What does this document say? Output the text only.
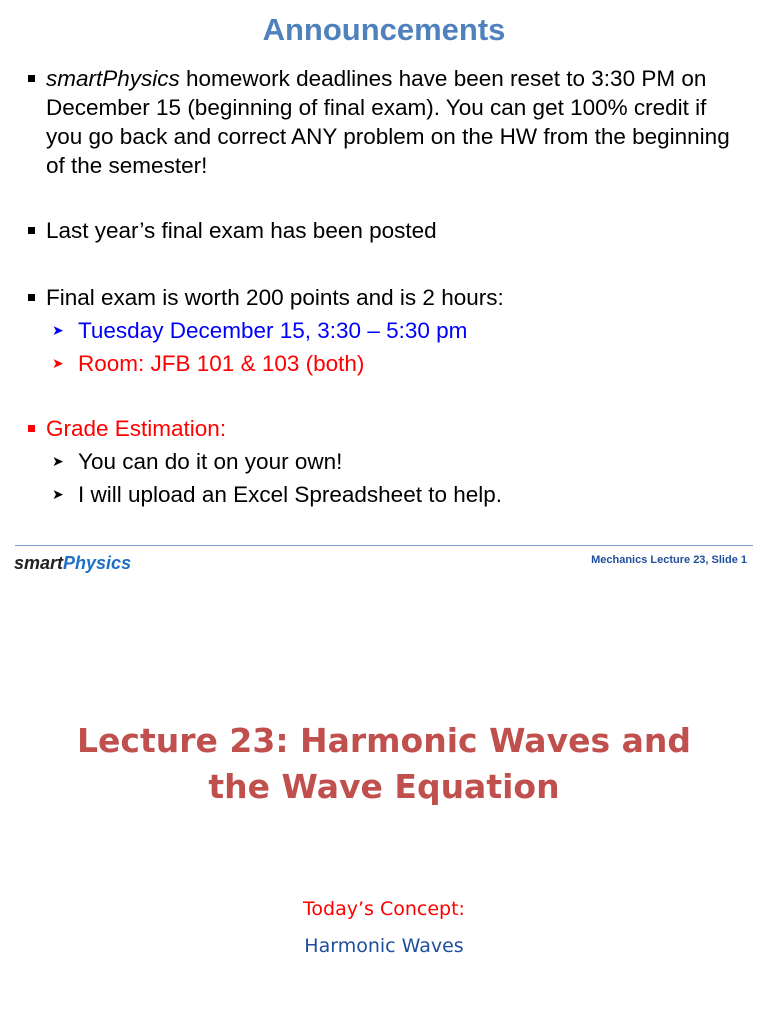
Announcements
smartPhysics homework deadlines have been reset to 3:30 PM on December 15 (beginning of final exam). You can get 100% credit if you go back and correct ANY problem on the HW from the beginning of the semester!
Last year’s final exam has been posted
Final exam is worth 200 points and is 2 hours:
➤ Tuesday December 15, 3:30 – 5:30 pm
➤ Room: JFB 101 & 103 (both)
Grade Estimation:
➤ You can do it on your own!
➤ I will upload an Excel Spreadsheet to help.
smartPhysics	Mechanics Lecture 23, Slide 1
Lecture 23: Harmonic Waves and
the Wave Equation
Today’s Concept:
Harmonic Waves
